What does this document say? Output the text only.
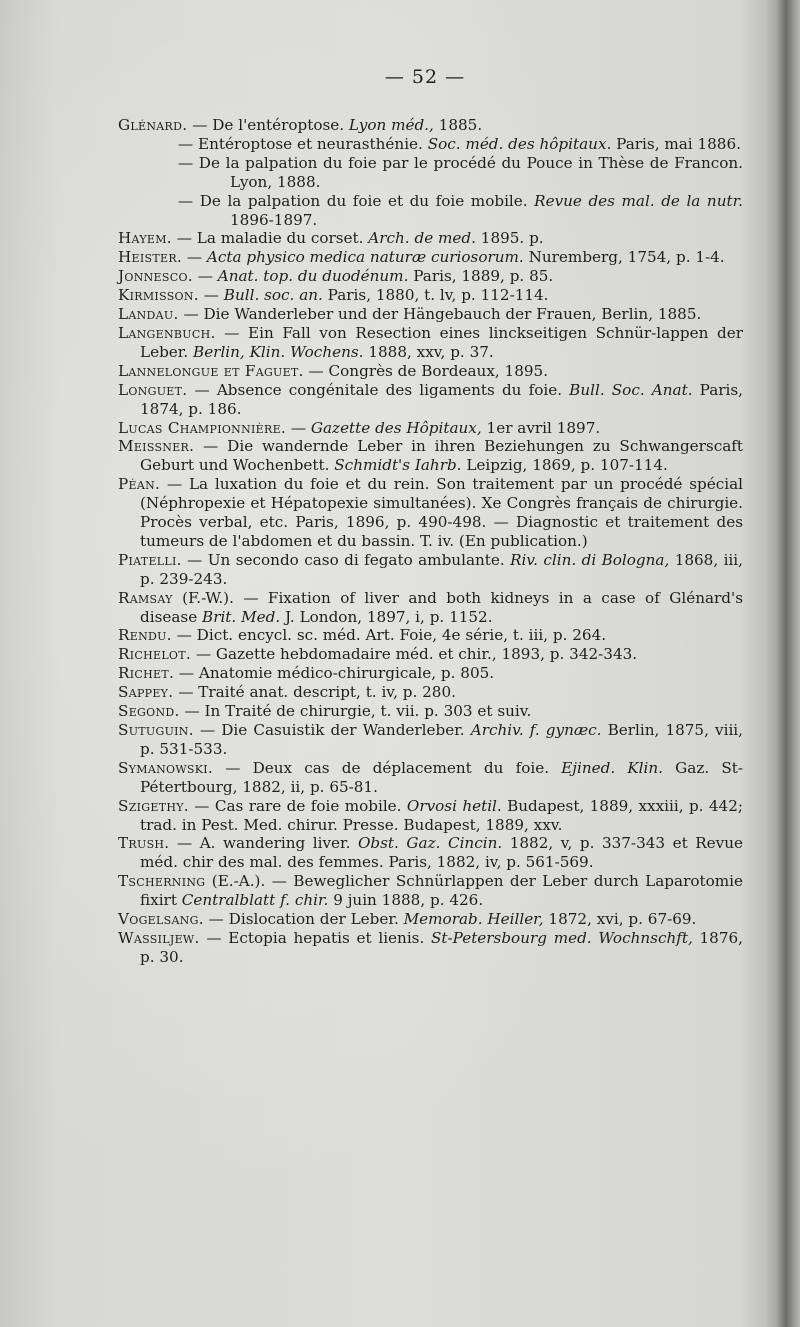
— 52 —
Glénard. — De l'entéroptose. Lyon méd., 1885.
— Entéroptose et neurasthénie. Soc. méd. des hôpitaux. Paris, mai 1886.
— De la palpation du foie par le procédé du Pouce in Thèse de Francon. Lyon, 1888.
— De la palpation du foie et du foie mobile. Revue des mal. de la nutr. 1896-1897.
Hayem. — La maladie du corset. Arch. de med. 1895. p.
Heister. — Acta physico medica naturæ curiosorum. Nuremberg, 1754, p. 1-4.
Jonnesco. — Anat. top. du duodénum. Paris, 1889, p. 85.
Kirmisson. — Bull. soc. an. Paris, 1880, t. lv, p. 112-114.
Landau. — Die Wanderleber und der Hängebauch der Frauen, Berlin, 1885.
Langenbuch. — Ein Fall von Resection eines linckseitigen Schnür-lappen der Leber. Berlin, Klin. Wochens. 1888, xxv, p. 37.
Lannelongue et Faguet. — Congrès de Bordeaux, 1895.
Longuet. — Absence congénitale des ligaments du foie. Bull. Soc. Anat. Paris, 1874, p. 186.
Lucas Championnière. — Gazette des Hôpitaux, 1er avril 1897.
Meissner. — Die wandernde Leber in ihren Beziehungen zu Schwangerscaft Geburt und Wochenbett. Schmidt's Iahrb. Leipzig, 1869, p. 107-114.
Péan. — La luxation du foie et du rein. Son traitement par un procédé spécial (Néphropexie et Hépatopexie simultanées). Xe Congrès français de chirurgie. Procès verbal, etc. Paris, 1896, p. 490-498. — Diagnostic et traitement des tumeurs de l'abdomen et du bassin. T. iv. (En publication.)
Piatelli. — Un secondo caso di fegato ambulante. Riv. clin. di Bologna, 1868, iii, p. 239-243.
Ramsay (F.-W.). — Fixation of liver and both kidneys in a case of Glénard's disease Brit. Med. J. London, 1897, i, p. 1152.
Rendu. — Dict. encycl. sc. méd. Art. Foie, 4e série, t. iii, p. 264.
Richelot. — Gazette hebdomadaire méd. et chir., 1893, p. 342-343.
Richet. — Anatomie médico-chirurgicale, p. 805.
Sappey. — Traité anat. descript, t. iv, p. 280.
Segond. — In Traité de chirurgie, t. vii. p. 303 et suiv.
Sutuguin. — Die Casuistik der Wanderleber. Archiv. f. gynæc. Berlin, 1875, viii, p. 531-533.
Symanowski. — Deux cas de déplacement du foie. Ejined. Klin. Gaz. St-Pétertbourg, 1882, ii, p. 65-81.
Szigethy. — Cas rare de foie mobile. Orvosi hetil. Budapest, 1889, xxxiii, p. 442; trad. in Pest. Med. chirur. Presse. Budapest, 1889, xxv.
Trush. — A. wandering liver. Obst. Gaz. Cincin. 1882, v, p. 337-343 et Revue méd. chir des mal. des femmes. Paris, 1882, iv, p. 561-569.
Tscherning (E.-A.). — Beweglicher Schnürlappen der Leber durch Laparotomie fixirt Centralblatt f. chir. 9 juin 1888, p. 426.
Vogelsang. — Dislocation der Leber. Memorab. Heiller, 1872, xvi, p. 67-69.
Wassiljew. — Ectopia hepatis et lienis. St-Petersbourg med. Wochnschft, 1876, p. 30.
